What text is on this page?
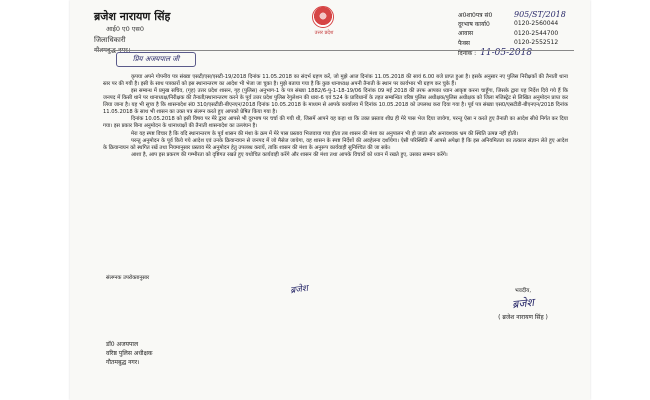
ब्रजेश नारायण सिंह
आई0 ए0 एस0
जिलाधिकारी
गौतमबुद्ध नगर।
उत्तर प्रदेश
अ0शा0पत्र सं0	905/ST/2018
दूरभाष कार्या0	0120-2560044
आवास	0120-2544700
फैक्स	0120-2552512
दिनांक : 11-05-2018
प्रिय अजयपाल जी

कृपया अपने गोपनीय पत्र संख्या एसटी/एस/एसटी-19/2018 दिनांक 11.05.2018 का संदर्भ ग्रहण करें, जो मुझे आज दिनांक 11.05.2018 की सायं 6.00 बजे प्राप्त हुआ है। इसके अनुसार नए पुलिस निरीक्षकों की तैनाती थाना स्तर पर की गयी है। इसी के साथ पत्रकारों को इस स्थानान्तरण का आदेश भी भेजा जा चुका है। मुझे बताया गया है कि कुछ थानाध्यक्ष अपनी तैनाती के स्थान पर कार्यभार भी ग्रहण कर चुके हैं।

इस सम्बन्ध में प्रमुख सचिव, (गृह) उत्तर प्रदेश शासन, गृह (पुलिस) अनुभाग-1 के पत्र संख्या 1882/6-पु-1-18-19/06 दिनांक 09 मई 2018 की तरफ आपका ध्यान आकृष्ट करना चाहूँगा, जिसके द्वारा यह निर्देश दिये गये हैं कि जनपद में किसी थाने पर थानाध्यक्ष/निरीक्षक की तैनाती/स्थानान्तरण करने के पूर्व उत्तर प्रदेश पुलिस रेगुलेशन की धारा-6 एवं 524 के प्राविधानों के तहत सम्बन्धित वरिष्ठ पुलिस अधीक्षक/पुलिस अधीक्षक को जिला मजिस्ट्रेट से लिखित अनुमोदन प्राप्त कर लिया जाना है। यह भी सूच्य है कि शासनादेश सं0 310/एसटीडी-बीएनएन/2018 दिनांक 10.05.2018 के माध्यम से आपके कार्यालय में दिनांक 10.05.2018 को उपलब्ध करा दिया गया है। पूर्व पत्र संख्या एस0/एसटीडी-बीएनएन/2018 दिनांक 11.05.2018 के साथ भी शासन का उक्त पत्र संलग्न करते हुए आपको प्रेषित किया गया है।

दिनांक 10.05.2018 को इसी विषय पर मेरे द्वारा आपसे भी दूरभाष पर चर्चा की गयी थी, जिसमें आपने यह कहा था कि उक्त प्रस्ताव शीघ्र ही मेरे पास भेज दिया जायेगा, परन्तु ऐसा न करते हुए तैनाती का आदेश सीधे निर्गत कर दिया गया। इस प्रकार बिना अनुमोदन के थानाध्यक्षों की तैनाती शासनादेश का उल्लंघन है।

मेरा यह स्पष्ट विचार है कि यदि स्थानान्तरण के पूर्व शासन की मंशा के क्रम में मेरे पास प्रस्ताव भिजवाया गया होता तब शासन की मंशा का अनुपालन भी हो जाता और अनावश्यक भ्रम की स्थिति उत्पन्न नहीं होती।

परन्तु अनुमोदन के पूर्व किये गये आदेश एवं उनके क्रियान्वयन से जनपद में जो मैसेज जायेगा, वह शासन के स्पष्ट निर्देशों की अवहेलना दर्शायेगा। ऐसी परिस्थिति में आपसे अपेक्षा है कि इस अनियमितता का तत्काल संज्ञान लेते हुए आदेश के क्रियान्वयन को स्थगित रखें तथा नियमानुसार प्रस्ताव मेरे अनुमोदन हेतु उपलब्ध करायें, ताकि शासन की मंशा के अनुरूप कार्यवाही सुनिश्चित की जा सके।

आशा है, आप इस प्रकरण की गम्भीरता को दृष्टिगत रखते हुए यथोचित कार्यवाही करेंगे और शासन की मंशा तथा आपके विचारों को ध्यान में रखते हुए, उसका सम्मान करेंगे।

संलग्नक उपरोक्तानुसार
ब्रजेश	भवदीय,
ब्रजेश
( ब्रजेश नारायण सिंह )
डॉ0 अजयपाल
वरिष्ठ पुलिस अधीक्षक
गौतमबुद्ध नगर।
